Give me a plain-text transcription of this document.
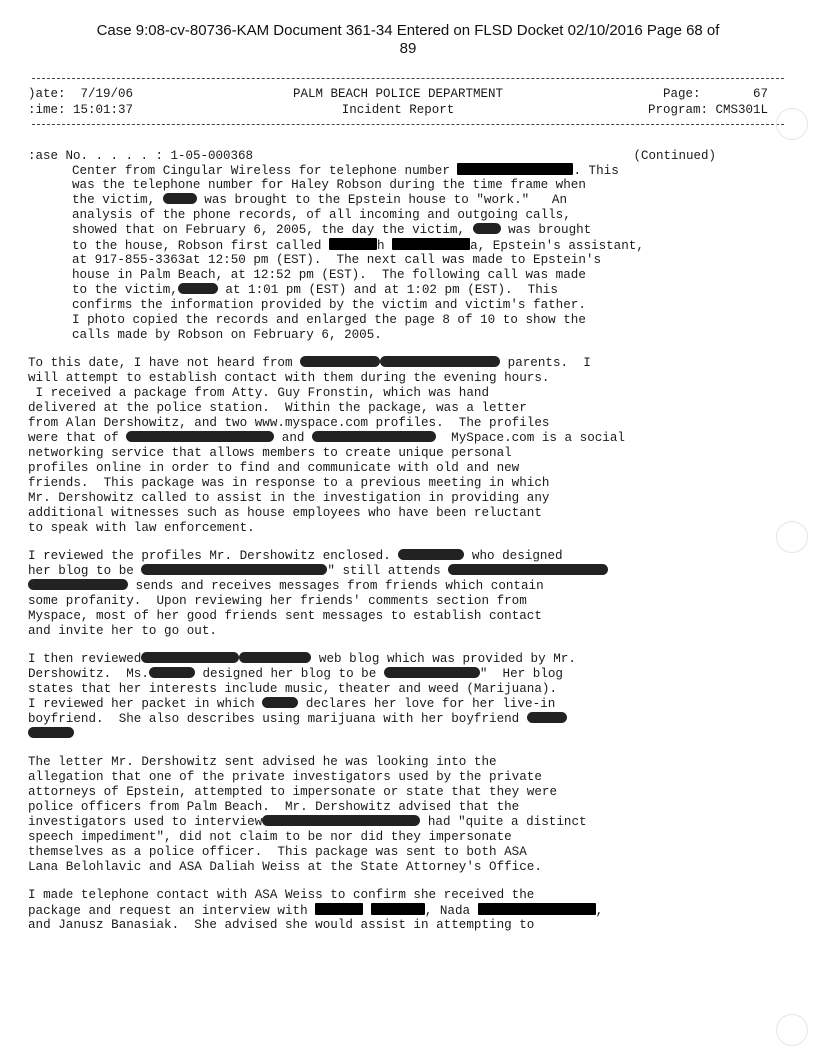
Case 9:08-cv-80736-KAM Document 361-34 Entered on FLSD Docket 02/10/2016 Page 68 of
89
)ate:  7/19/06	PALM BEACH POLICE DEPARTMENT	Page:       67
:ime: 15:01:37	Incident Report	Program: CMS301L
:ase No. . . . . : 1-05-000368	(Continued)
Center from Cingular Wireless for telephone number	. This
was the telephone number for Haley Robson during the time frame when
the victim,	was brought to the Epstein house to "work."   An
analysis of the phone records, of all incoming and outgoing calls,
showed that on February 6, 2005, the day the victim,  was brought
to the house, Robson first called	h	a, Epstein's assistant,
at 917-855-3363at 12:50 pm (EST).  The next call was made to Epstein's
house in Palm Beach, at 12:52 pm (EST).  The following call was made
to the victim,	at 1:01 pm (EST) and at 1:02 pm (EST).  This
confirms the information provided by the victim and victim's father.
I photo copied the records and enlarged the page 8 of 10 to show the
calls made by Robson on February 6, 2005.
To this date, I have not heard from	parents.  I
will attempt to establish contact with them during the evening hours.
I received a package from Atty. Guy Fronstin, which was hand
delivered at the police station.  Within the package, was a letter
from Alan Dershowitz, and two www.myspace.com profiles.  The profiles
were that of	and	MySpace.com is a social
networking service that allows members to create unique personal
profiles online in order to find and communicate with old and new
friends.  This package was in response to a previous meeting in which
Mr. Dershowitz called to assist in the investigation in providing any
additional witnesses such as house employees who have been reluctant
to speak with law enforcement.
I reviewed the profiles Mr. Dershowitz enclosed.	who designed
her blog to be	" still attends
sends and receives messages from friends which contain
some profanity.  Upon reviewing her friends' comments section from
Myspace, most of her good friends sent messages to establish contact
and invite her to go out.
I then reviewed	web blog which was provided by Mr.
Dershowitz.  Ms.	designed her blog to be	"  Her blog
states that her interests include music, theater and weed (Marijuana).
I reviewed her packet in which	declares her love for her live-in
boyfriend.  She also describes using marijuana with her boyfriend
The letter Mr. Dershowitz sent advised he was looking into the
allegation that one of the private investigators used by the private
attorneys of Epstein, attempted to impersonate or state that they were
police officers from Palm Beach.  Mr. Dershowitz advised that the
investigators used to interview	had "quite a distinct
speech impediment", did not claim to be nor did they impersonate
themselves as a police officer.  This package was sent to both ASA
Lana Belohlavic and ASA Daliah Weiss at the State Attorney's Office.
I made telephone contact with ASA Weiss to confirm she received the
package and request an interview with	, Nada	,
and Janusz Banasiak.  She advised she would assist in attempting to
